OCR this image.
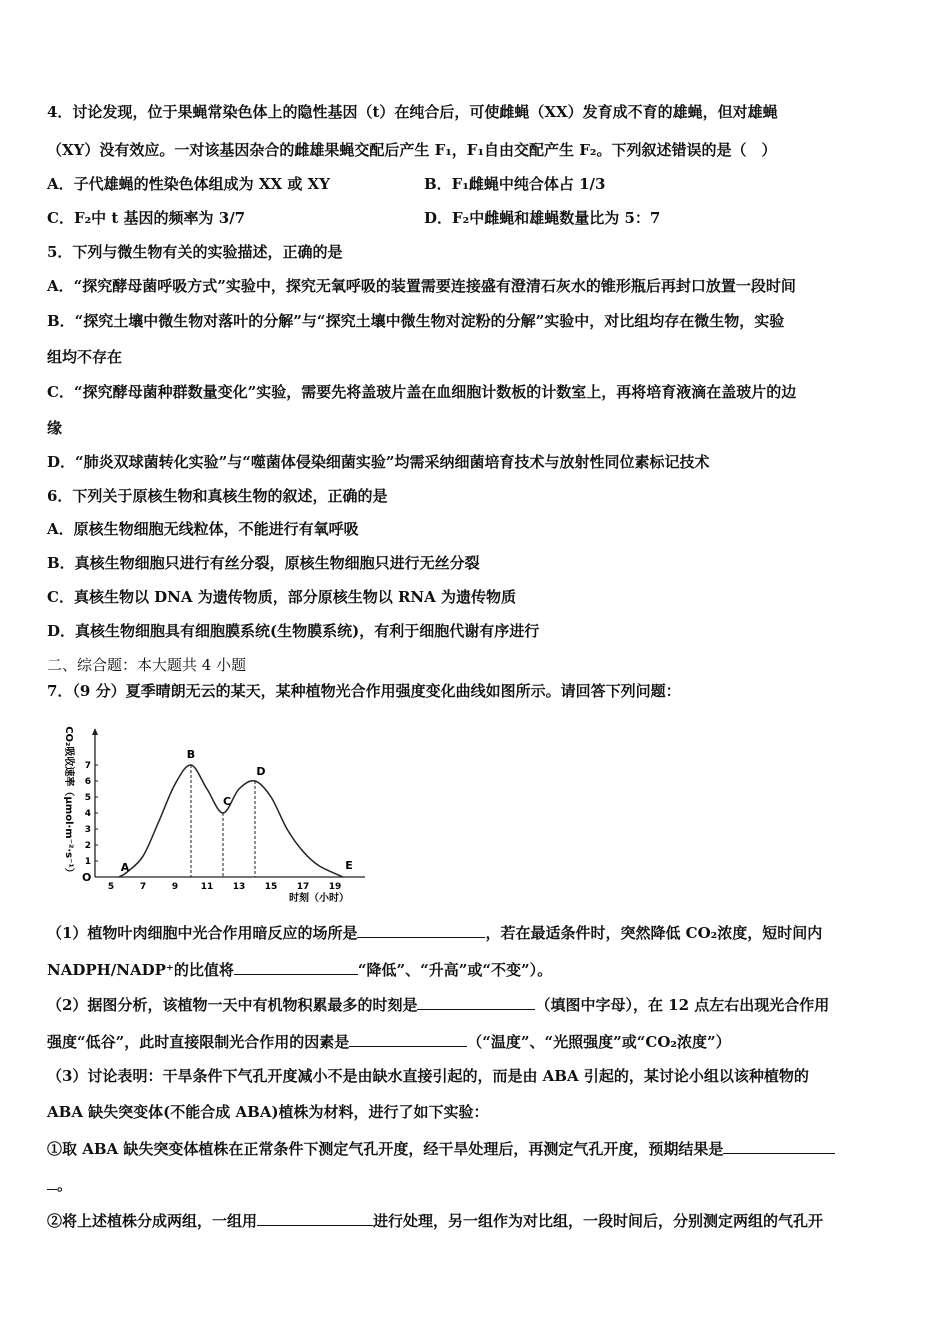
4．讨论发现，位于果蝇常染色体上的隐性基因（t）在纯合后，可使雌蝇（XX）发育成不育的雄蝇，但对雄蝇
（XY）没有效应。一对该基因杂合的雌雄果蝇交配后产生 F₁，F₁自由交配产生 F₂。下列叙述错误的是（　）
A．子代雄蝇的性染色体组成为 XX 或 XY	B．F₁雌蝇中纯合体占 1/3
C．F₂中 t 基因的频率为 3/7	D．F₂中雌蝇和雄蝇数量比为 5：7
5．下列与微生物有关的实验描述，正确的是
A．“探究酵母菌呼吸方式”实验中，探究无氧呼吸的装置需要连接盛有澄清石灰水的锥形瓶后再封口放置一段时间
B．“探究土壤中微生物对落叶的分解”与“探究土壤中微生物对淀粉的分解”实验中，对比组均存在微生物，实验
组均不存在
C．“探究酵母菌种群数量变化”实验，需要先将盖玻片盖在血细胞计数板的计数室上，再将培育液滴在盖玻片的边
缘
D．“肺炎双球菌转化实验”与“噬菌体侵染细菌实验”均需采纳细菌培育技术与放射性同位素标记技术
6．下列关于原核生物和真核生物的叙述，正确的是
A．原核生物细胞无线粒体，不能进行有氧呼吸
B．真核生物细胞只进行有丝分裂，原核生物细胞只进行无丝分裂
C．真核生物以 DNA 为遗传物质，部分原核生物以 RNA 为遗传物质
D．真核生物细胞具有细胞膜系统(生物膜系统)，有利于细胞代谢有序进行
二、综合题：本大题共 4 小题
7．（9 分）夏季晴朗无云的某天，某种植物光合作用强度变化曲线如图所示。请回答下列问题：
O
5	7	9	11 13 15 17 19
1
2
3
4
5
6
7
时刻（小时）
CO₂吸收速率（μmol·m⁻²·s⁻¹）	A
B
C
D
E
（1）植物叶肉细胞中光合作用暗反应的场所是	，若在最适条件时，突然降低 CO₂浓度，短时间内
NADPH/NADP⁺的比值将	“降低”、“升高”或“不变”）。
（2）据图分析，该植物一天中有机物积累最多的时刻是	（填图中字母），在 12 点左右出现光合作用
强度“低谷”，此时直接限制光合作用的因素是	（“温度”、“光照强度”或“CO₂浓度”）
（3）讨论表明：干旱条件下气孔开度减小不是由缺水直接引起的，而是由 ABA 引起的，某讨论小组以该种植物的
ABA 缺失突变体(不能合成 ABA)植株为材料，进行了如下实验：
①取 ABA 缺失突变体植株在正常条件下测定气孔开度，经干旱处理后，再测定气孔开度，预期结果是
。
②将上述植株分成两组，一组用	进行处理，另一组作为对比组，一段时间后，分别测定两组的气孔开
